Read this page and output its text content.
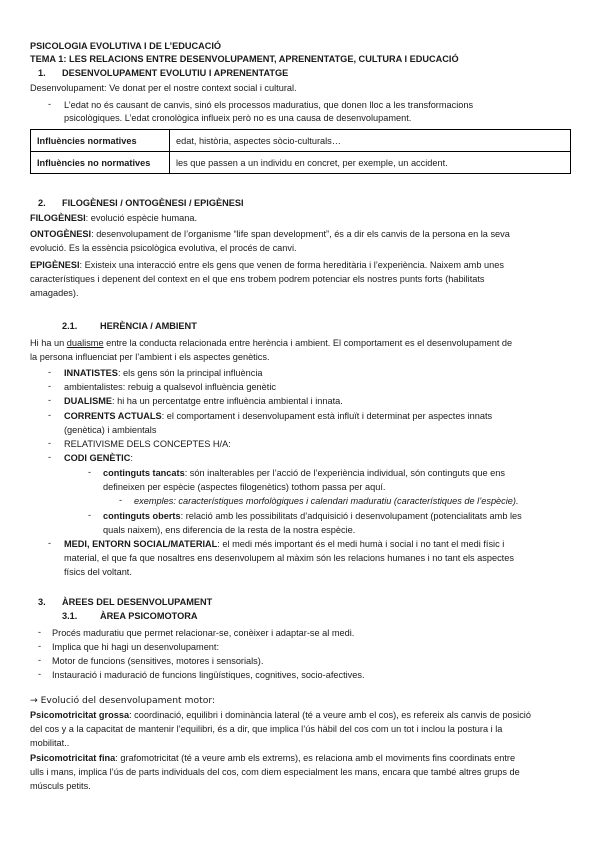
PSICOLOGIA EVOLUTIVA I DE L’EDUCACIÓ
TEMA 1: LES RELACIONS ENTRE DESENVOLUPAMENT, APRENENTATGE, CULTURA I EDUCACIÓ
1. DESENVOLUPAMENT EVOLUTIU I APRENENTATGE
Desenvolupament: Ve donat per el nostre context social i cultural.
-	L’edat no és causant de canvis, sinó els processos maduratius, que donen lloc a les transformacions
psicològiques. L’edat cronològica influeix però no es una causa de desenvolupament.
Influències normatives	edat, història, aspectes sòcio-culturals…
Influències no normatives	les que passen a un individu en concret, per exemple, un accident.
2. FILOGÈNESI / ONTOGÈNESI / EPIGÈNESI
FILOGÈNESI: evolució espècie humana.
ONTOGÈNESI: desenvolupament de l’organisme “life span development”, és a dir els canvis de la persona en la seva
evolució. Es la essència psicològica evolutiva, el procés de canvi.
EPIGÈNESI: Existeix una interacció entre els gens que venen de forma hereditària i l’experiència. Naixem amb unes
característiques i depenent del context en el que ens trobem podrem potenciar els nostres punts forts (habilitats
amagades).
2.1. HERÈNCIA / AMBIENT
Hi ha un dualisme entre la conducta relacionada entre herència i ambient. El comportament es el desenvolupament de
la persona influenciat per l’ambient i els aspectes genètics.
-	INNATISTES: els gens són la principal influència
-	ambientalistes: rebuig a qualsevol influència genètic
-	DUALISME: hi ha un percentatge entre influència ambiental i innata.
-	CORRENTS ACTUALS: el comportament i desenvolupament està influït i determinat per aspectes innats
(genètica) i ambientals
-	RELATIVISME DELS CONCEPTES H/A:
-	CODI GENÈTIC:
-	continguts tancats: són inalterables per l’acció de l’experiència individual, són continguts que ens
defineixen per espècie (aspectes filogenètics) tothom passa per aquí.
-	exemples: característiques morfològiques i calendari maduratiu (característiques de l’espècie).
-	continguts oberts: relació amb les possibilitats d’adquisició i desenvolupament (potencialitats amb les
quals naixem), ens diferencia de la resta de la nostra espècie.
-	MEDI, ENTORN SOCIAL/MATERIAL: el medi més important és el medi humà i social i no tant el medi físic i
material, el que fa que nosaltres ens desenvolupem al màxim són les relacions humanes i no tant els aspectes
físics del voltant.
3. ÀREES DEL DESENVOLUPAMENT
3.1. ÀREA PSICOMOTORA
-	Procés maduratiu que permet relacionar-se, conèixer i adaptar-se al medi.
-	Implica que hi hagi un desenvolupament:
-	Motor de funcions (sensitives, motores i sensorials).
-	Instauració i maduració de funcions lingüístiques, cognitives, socio-afectives.
→ Evolució del desenvolupament motor:
Psicomotricitat grossa: coordinació, equilibri i dominància lateral (té a veure amb el cos), es refereix als canvis de posició
del cos y a la capacitat de mantenir l’equilibri, és a dir, que implica l’ús hàbil del cos com un tot i inclou la postura i la
mobilitat..
Psicomotricitat fina: grafomotricitat (té a veure amb els extrems), es relaciona amb el moviments fins coordinats entre
ulls i mans, implica l’ús de parts individuals del cos, com diem especialment les mans, encara que també altres grups de
músculs petits.
